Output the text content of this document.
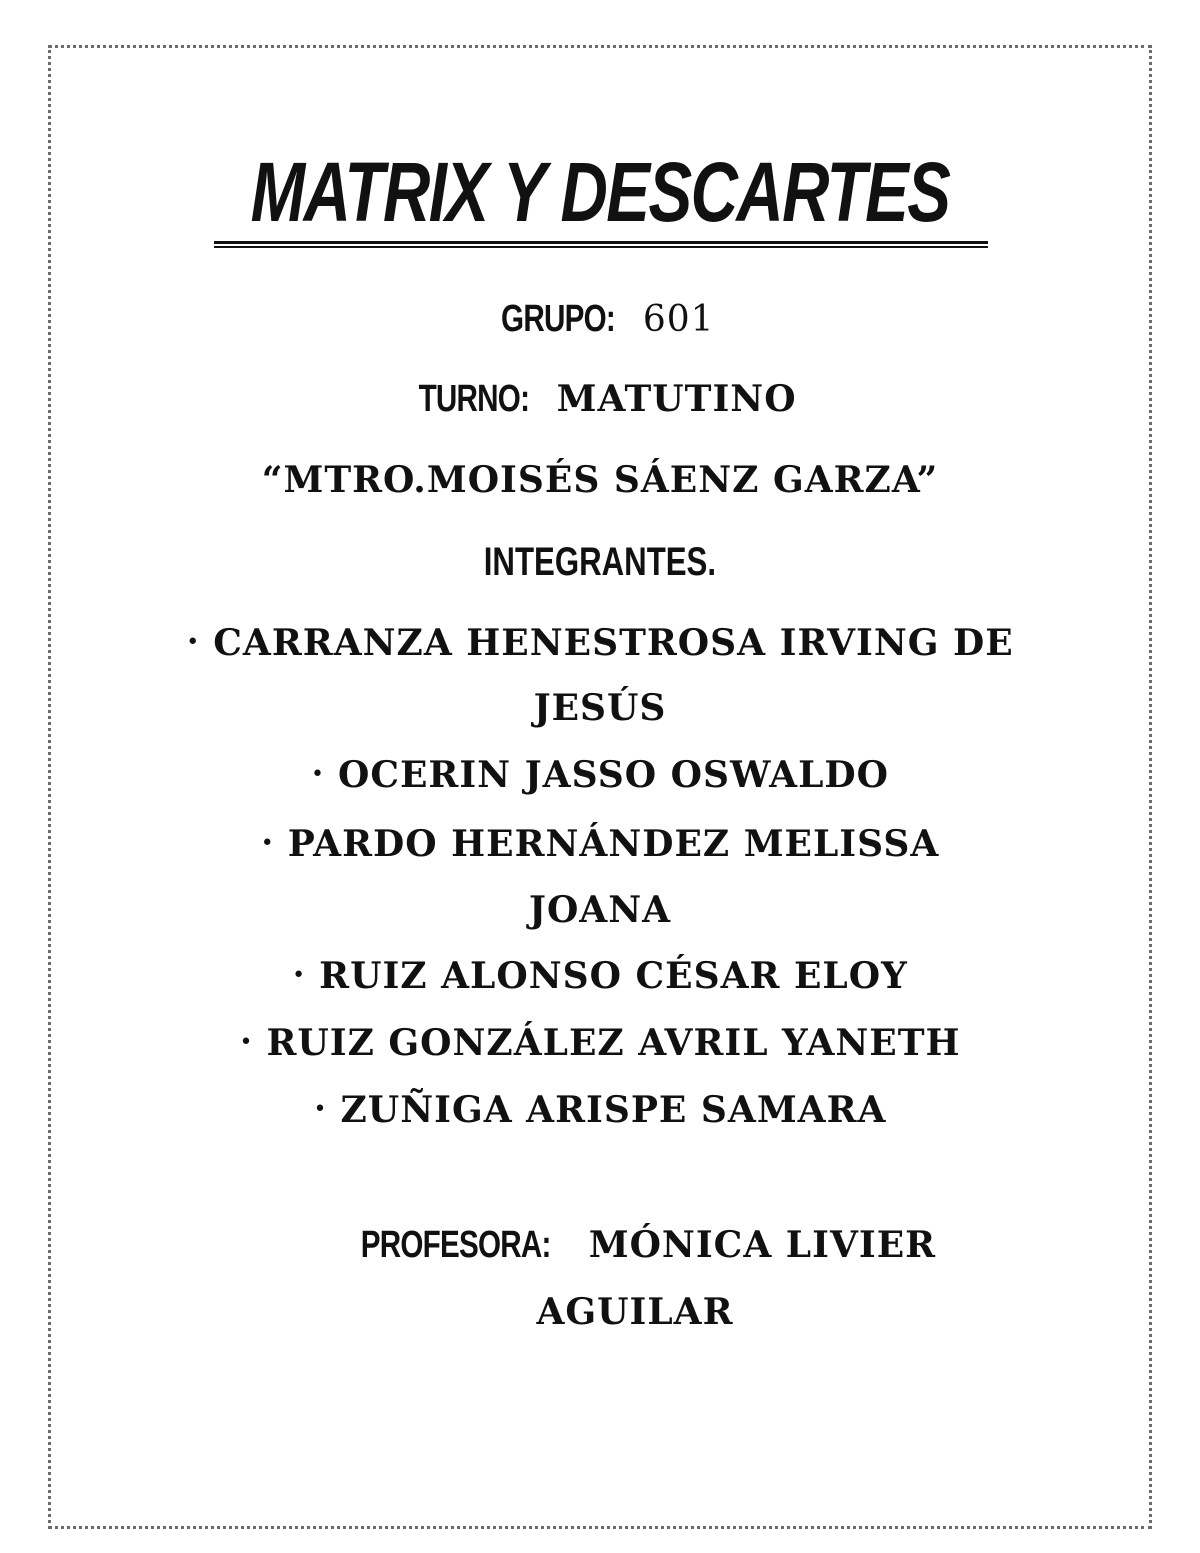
MATRIX Y DESCARTES
GRUPO: 601
TURNO: MATUTINO
“MTRO.MOISÉS SÁENZ GARZA”
INTEGRANTES.
• CARRANZA HENESTROSA IRVING DE
JESÚS
• OCERIN JASSO OSWALDO
• PARDO HERNÁNDEZ MELISSA
JOANA
• RUIZ ALONSO CÉSAR ELOY
• RUIZ GONZÁLEZ AVRIL YANETH
• ZUÑIGA ARISPE SAMARA
PROFESORA: MÓNICA LIVIER
AGUILAR
